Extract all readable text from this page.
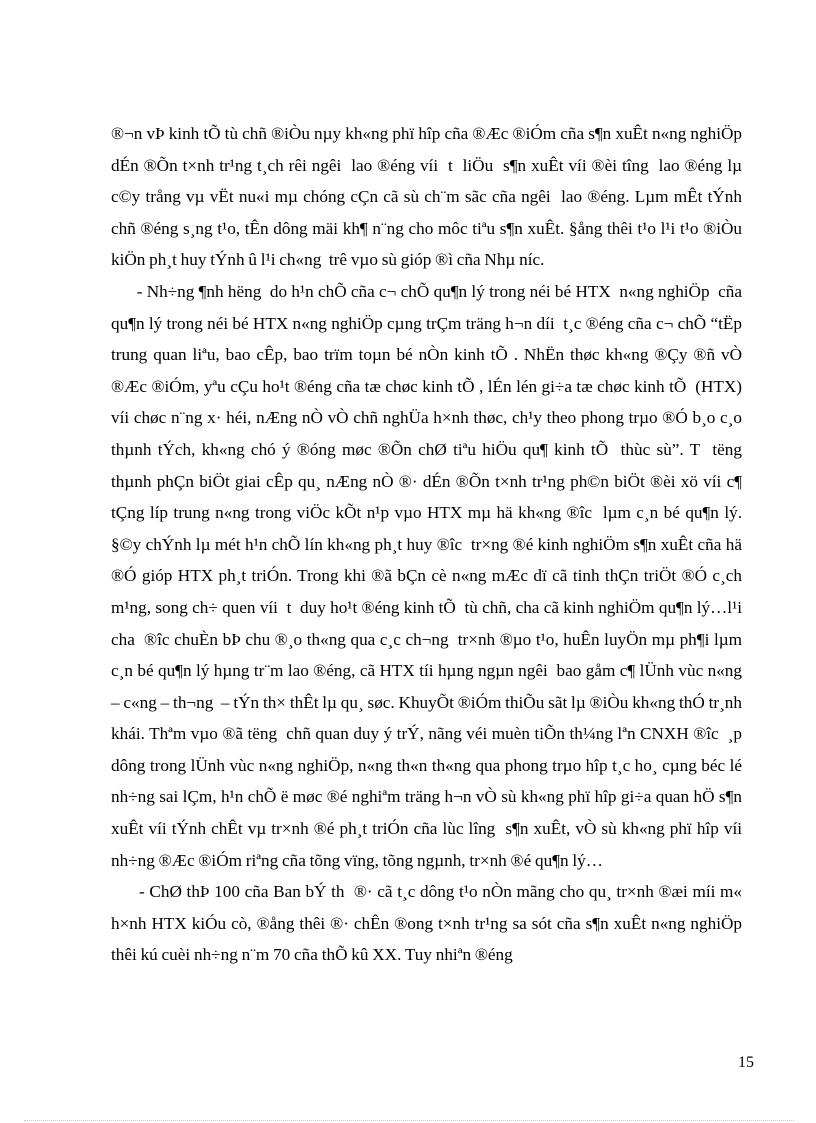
®¬n vÞ kinh tÕ tù chñ ®iÒu nµy kh«ng phï hîp cña ®Æc ®iÓm cña s¶n xuÊt n«ng nghiÖp dÉn ®Õn t×nh tr¹ng t¸ch rêi ngêi  lao ®éng víi  t  liÖu  s¶n xuÊt víi ®èi tîng  lao ®éng lµ c©y trång vµ vËt nu«i mµ chóng cÇn cã sù ch¨m sãc cña ngêi  lao ®éng. Lµm mÊt tÝnh chñ ®éng s¸ng t¹o, tÊn dông mäi kh¶ n¨ng cho môc tiªu s¶n xuÊt. §ång thêi t¹o l¹i t¹o ®iÒu kiÖn ph¸t huy tÝnh û l¹i ch«ng  trê vµo sù gióp ®ì cña Nhµ níc.
- Nh÷ng ¶nh hëng  do h¹n chÕ cña c¬ chÕ qu¶n lý trong néi bé HTX  n«ng nghiÖp  cña qu¶n lý trong néi bé HTX n«ng nghiÖp cµng trÇm träng h¬n díi  t¸c ®éng cña c¬ chÕ “tËp trung quan liªu, bao cÊp, bao trïm toµn bé nÒn kinh tÕ . NhËn thøc kh«ng ®Çy ®ñ vÒ ®Æc ®iÓm, yªu cÇu ho¹t ®éng cña tæ chøc kinh tÕ , lÉn lén gi÷a tæ chøc kinh tÕ  (HTX) víi chøc n¨ng x· héi, nÆng nÒ vÒ chñ nghÜa h×nh thøc, ch¹y theo phong trµo ®Ó b¸o c¸o thµnh tÝch, kh«ng chó ý ®óng møc ®Õn chØ tiªu hiÖu qu¶ kinh tÕ  thùc sù”. T  tëng  thµnh phÇn biÖt giai cÊp qu¸ nÆng nÒ ®· dÉn ®Õn t×nh tr¹ng ph©n biÖt ®èi xö víi c¶  tÇng líp trung n«ng trong viÖc kÕt n¹p vµo HTX mµ hä kh«ng ®îc  lµm c¸n bé qu¶n lý. §©y chÝnh lµ mét h¹n chÕ lín kh«ng ph¸t huy ®îc  tr×ng ®é kinh nghiÖm s¶n xuÊt cña hä ®Ó gióp HTX ph¸t triÓn. Trong khi ®ã bÇn cè n«ng mÆc dï cã tinh thÇn triÖt ®Ó c¸ch m¹ng, song ch÷ quen víi  t  duy ho¹t ®éng kinh tÕ  tù chñ, cha cã kinh nghiÖm qu¶n lý…l¹i cha  ®îc chuÈn bÞ chu ®¸o th«ng qua c¸c ch¬ng  tr×nh ®µo t¹o, huÊn luyÖn mµ ph¶i lµm c¸n bé qu¶n lý hµng tr¨m lao ®éng, cã HTX tíi hµng ngµn ngêi  bao gåm c¶ lÜnh vùc n«ng – c«ng – th¬ng  – tÝn th× thÊt lµ qu¸ søc. KhuyÕt ®iÓm thiÕu sãt lµ ®iÒu kh«ng thÓ tr¸nh khái. Thªm vµo ®ã tëng  chñ quan duy ý trÝ, nãng véi muèn tiÕn th¼ng lªn CNXH ®îc  ¸p dông trong lÜnh vùc n«ng nghiÖp, n«ng th«n th«ng qua phong trµo hîp t¸c ho¸ cµng béc lé nh÷ng sai lÇm, h¹n chÕ ë møc ®é nghiªm träng h¬n vÒ sù kh«ng phï hîp gi÷a quan hÖ s¶n xuÊt víi tÝnh chÊt vµ tr×nh ®é ph¸t triÓn cña lùc lîng  s¶n xuÊt, vÒ sù kh«ng phï hîp víi nh÷ng ®Æc ®iÓm riªng cña tõng vïng, tõng ngµnh, tr×nh ®é qu¶n lý…
- ChØ thÞ 100 cña Ban bÝ th  ®· cã t¸c dông t¹o nÒn mãng cho qu¸ tr×nh ®æi míi m« h×nh HTX kiÓu cò, ®ång thêi ®· chÊn ®ong t×nh tr¹ng sa sót cña s¶n xuÊt n«ng nghiÖp thêi kú cuèi nh÷ng n¨m 70 cña thÕ kû XX. Tuy nhiªn ®éng
15
